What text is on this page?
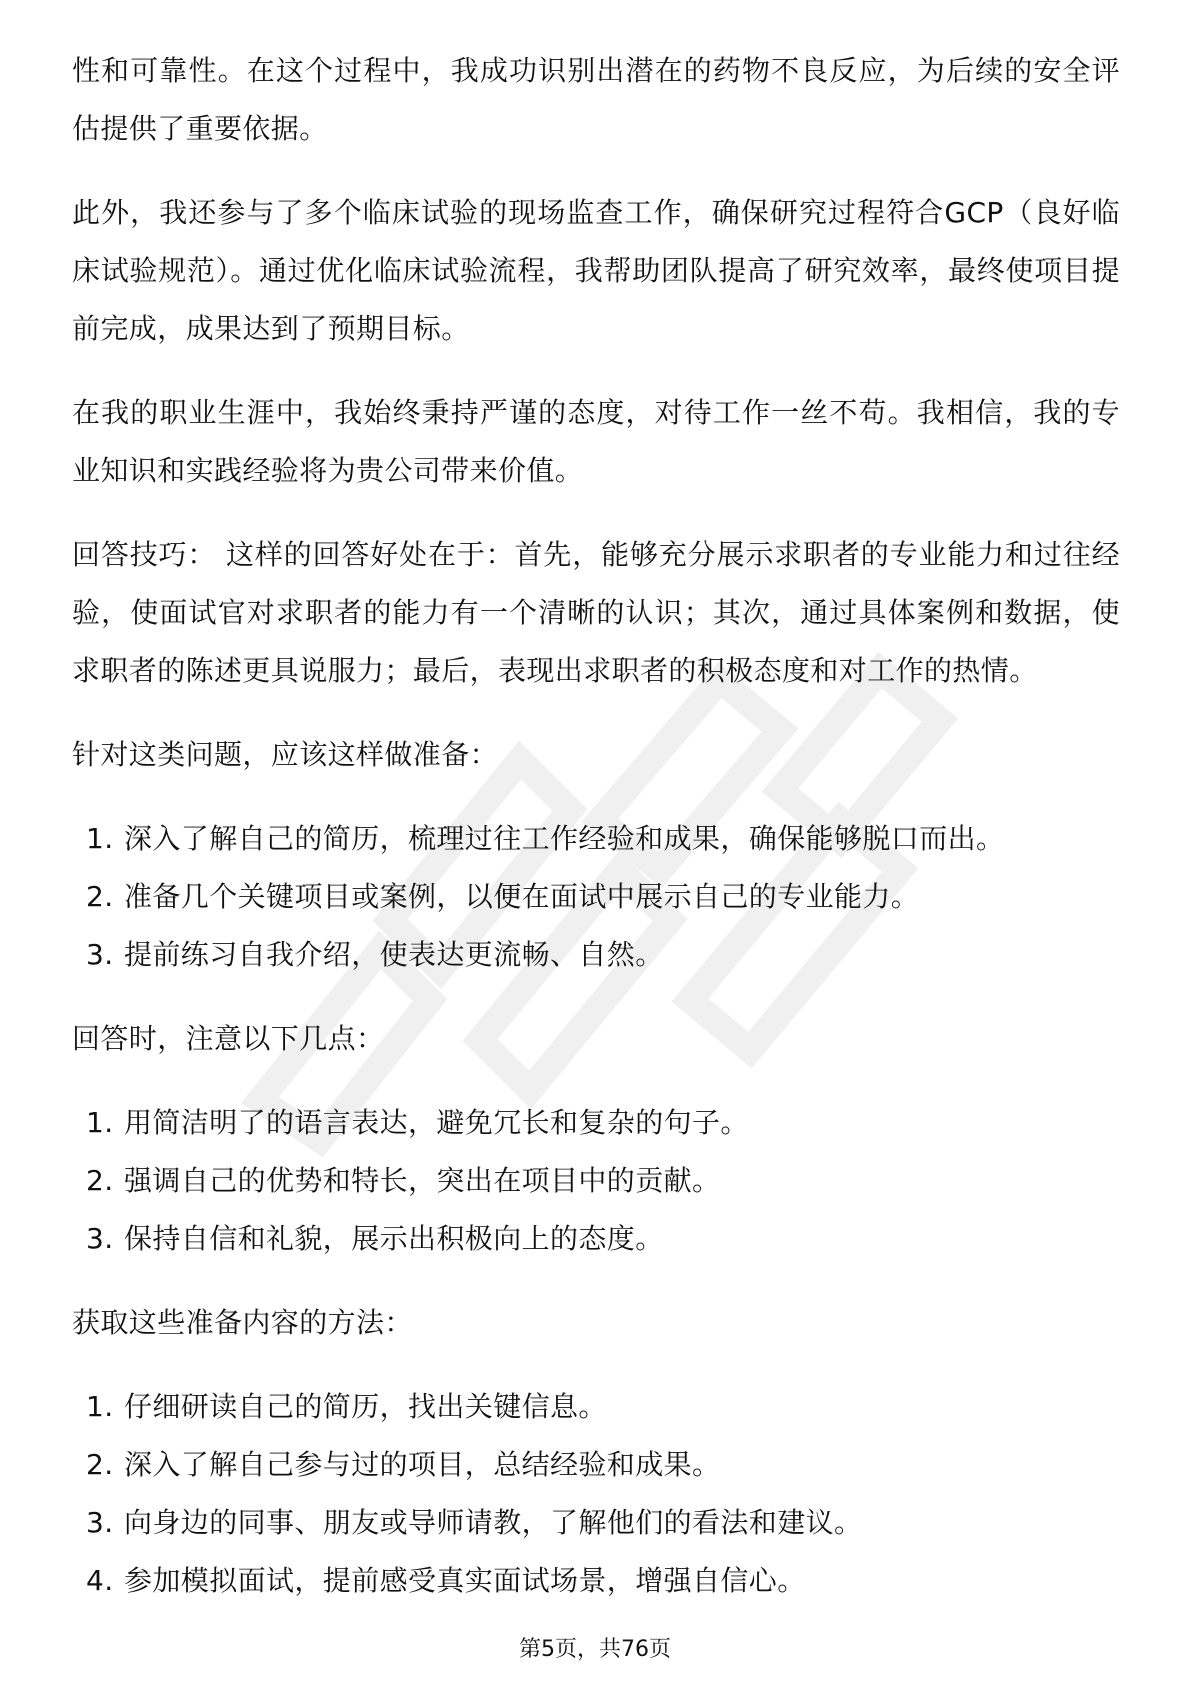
性和可靠性。在这个过程中，我成功识别出潜在的药物不良反应，为后续的安全评估提供了重要依据。

此外，我还参与了多个临床试验的现场监查工作，确保研究过程符合GCP（良好临床试验规范）。通过优化临床试验流程，我帮助团队提高了研究效率，最终使项目提前完成，成果达到了预期目标。

在我的职业生涯中，我始终秉持严谨的态度，对待工作一丝不苟。我相信，我的专业知识和实践经验将为贵公司带来价值。

回答技巧： 这样的回答好处在于：首先，能够充分展示求职者的专业能力和过往经验，使面试官对求职者的能力有一个清晰的认识；其次，通过具体案例和数据，使求职者的陈述更具说服力；最后，表现出求职者的积极态度和对工作的热情。

针对这类问题，应该这样做准备：

1. 深入了解自己的简历，梳理过往工作经验和成果，确保能够脱口而出。
2. 准备几个关键项目或案例，以便在面试中展示自己的专业能力。
3. 提前练习自我介绍，使表达更流畅、自然。

回答时，注意以下几点：

1. 用简洁明了的语言表达，避免冗长和复杂的句子。
2. 强调自己的优势和特长，突出在项目中的贡献。
3. 保持自信和礼貌，展示出积极向上的态度。

获取这些准备内容的方法：

1. 仔细研读自己的简历，找出关键信息。
2. 深入了解自己参与过的项目，总结经验和成果。
3. 向身边的同事、朋友或导师请教，了解他们的看法和建议。
4. 参加模拟面试，提前感受真实面试场景，增强自信心。
第5页，共76页
